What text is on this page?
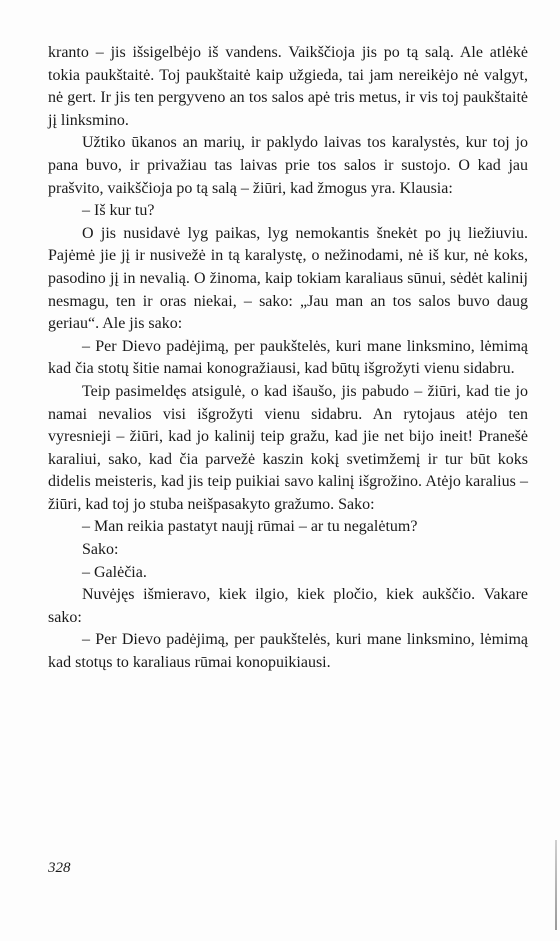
kranto – jis išsigelbėjo iš vandens. Vaikščioja jis po tą salą. Ale atlėkė tokia paukštaitė. Toj paukštaitė kaip užgieda, tai jam nereikėjo nė valgyt, nė gert. Ir jis ten pergyveno an tos salos apė tris metus, ir vis toj paukštaitė jį linksmino.

Užtiko ūkanos an marių, ir paklydo laivas tos karalystės, kur toj jo pana buvo, ir privažiau tas laivas prie tos salos ir sustojo. O kad jau prašvito, vaikščioja po tą salą – žiūri, kad žmogus yra. Klausia:

– Iš kur tu?

O jis nusidavė lyg paikas, lyg nemokantis šnekėt po jų liežiuviu. Pajėmė jie jį ir nusivežė in tą karalystę, o nežinodami, nė iš kur, nė koks, pasodino jį in nevalią. O žinoma, kaip tokiam karaliaus sūnui, sėdėt kalinij nesmagu, ten ir oras niekai, – sako: „Jau man an tos salos buvo daug geriau“. Ale jis sako:

– Per Dievo padėjimą, per paukštelės, kuri mane linksmino, lėmimą kad čia stotų šitie namai konogražiausi, kad būtų išgrožyti vienu sidabru.

Teip pasimeldęs atsigulė, o kad išaušo, jis pabudo – žiūri, kad tie jo namai nevalios visi išgrožyti vienu sidabru. An rytojaus atėjo ten vyresnieji – žiūri, kad jo kalinij teip gražu, kad jie net bijo ineit! Pranešė karaliui, sako, kad čia parvežė kaszin kokį svetimžemį ir tur būt koks didelis meisteris, kad jis teip puikiai savo kalinį išgrožino. Atėjo karalius – žiūri, kad toj jo stuba neišpasakyto gražumo. Sako:

– Man reikia pastatyt naujį rūmai – ar tu negalėtum?

Sako:

– Galėčia.

Nuvėjęs išmieravo, kiek ilgio, kiek pločio, kiek aukščio. Vakare sako:

– Per Dievo padėjimą, per paukštelės, kuri mane linksmino, lėmimą kad stotųs to karaliaus rūmai konopuikiausi.

328
